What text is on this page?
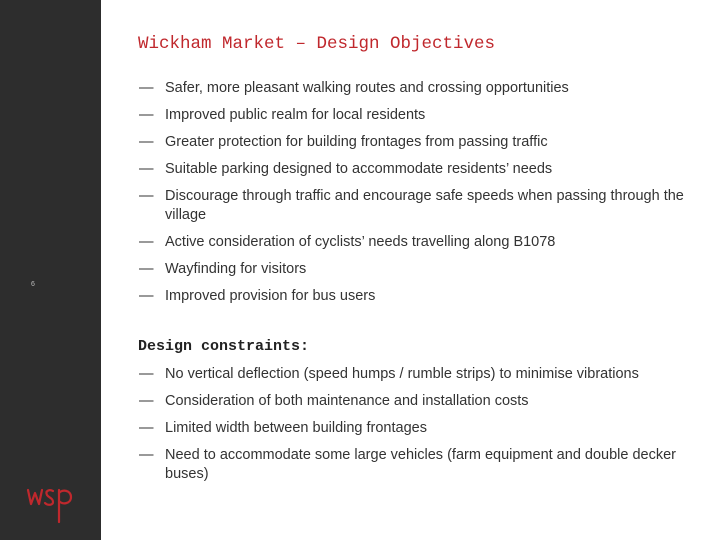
6
Wickham Market – Design Objectives
— Safer, more pleasant walking routes and crossing opportunities
— Improved public realm for local residents
— Greater protection for building frontages from passing traffic
— Suitable parking designed to accommodate residents’ needs
— Discourage through traffic and encourage safe speeds when passing through the village
— Active consideration of cyclists’ needs travelling along B1078
— Wayfinding for visitors
— Improved provision for bus users
Design constraints:
— No vertical deflection (speed humps / rumble strips) to minimise vibrations
— Consideration of both maintenance and installation costs
— Limited width between building frontages
— Need to accommodate some large vehicles (farm equipment and double decker buses)
